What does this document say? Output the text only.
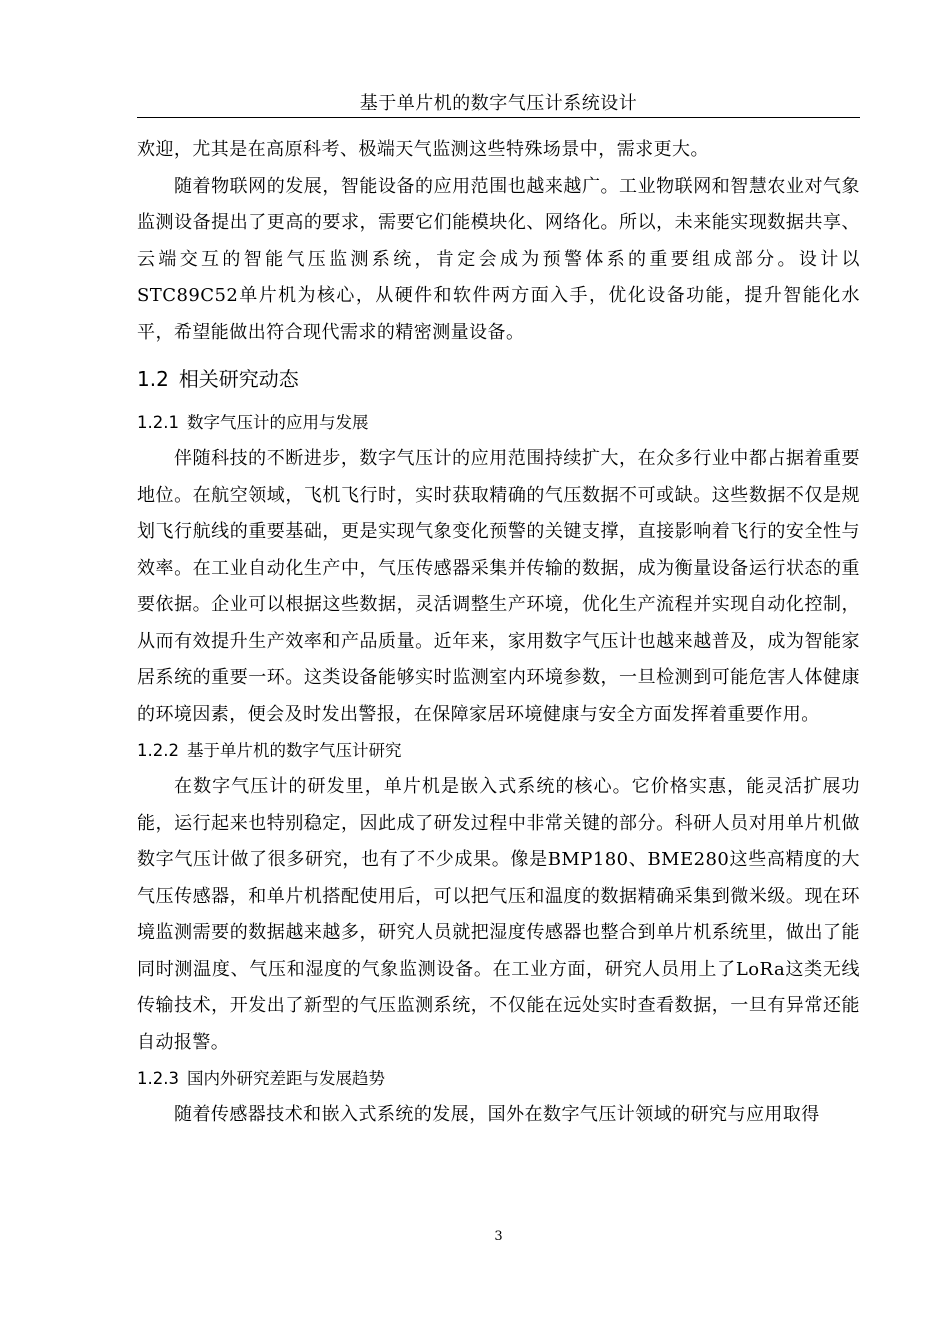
基于单片机的数字气压计系统设计

欢迎，尤其是在高原科考、极端天气监测这些特殊场景中，需求更大。

随着物联网的发展，智能设备的应用范围也越来越广。工业物联网和智慧农业对气象监测设备提出了更高的要求，需要它们能模块化、网络化。所以，未来能实现数据共享、云端交互的智能气压监测系统，肯定会成为预警体系的重要组成部分。设计以STC89C52单片机为核心，从硬件和软件两方面入手，优化设备功能，提升智能化水平，希望能做出符合现代需求的精密测量设备。

1.2 相关研究动态
1.2.1 数字气压计的应用与发展

伴随科技的不断进步，数字气压计的应用范围持续扩大，在众多行业中都占据着重要地位。在航空领域，飞机飞行时，实时获取精确的气压数据不可或缺。这些数据不仅是规划飞行航线的重要基础，更是实现气象变化预警的关键支撑，直接影响着飞行的安全性与效率。在工业自动化生产中，气压传感器采集并传输的数据，成为衡量设备运行状态的重要依据。企业可以根据这些数据，灵活调整生产环境，优化生产流程并实现自动化控制，从而有效提升生产效率和产品质量。近年来，家用数字气压计也越来越普及，成为智能家居系统的重要一环。这类设备能够实时监测室内环境参数，一旦检测到可能危害人体健康的环境因素，便会及时发出警报，在保障家居环境健康与安全方面发挥着重要作用。

1.2.2 基于单片机的数字气压计研究

在数字气压计的研发里，单片机是嵌入式系统的核心。它价格实惠，能灵活扩展功能，运行起来也特别稳定，因此成了研发过程中非常关键的部分。科研人员对用单片机做数字气压计做了很多研究，也有了不少成果。像是BMP180、BME280这些高精度的大气压传感器，和单片机搭配使用后，可以把气压和温度的数据精确采集到微米级。现在环境监测需要的数据越来越多，研究人员就把湿度传感器也整合到单片机系统里，做出了能同时测温度、气压和湿度的气象监测设备。在工业方面，研究人员用上了LoRa这类无线传输技术，开发出了新型的气压监测系统，不仅能在远处实时查看数据，一旦有异常还能自动报警。

1.2.3 国内外研究差距与发展趋势

随着传感器技术和嵌入式系统的发展，国外在数字气压计领域的研究与应用取得

3
